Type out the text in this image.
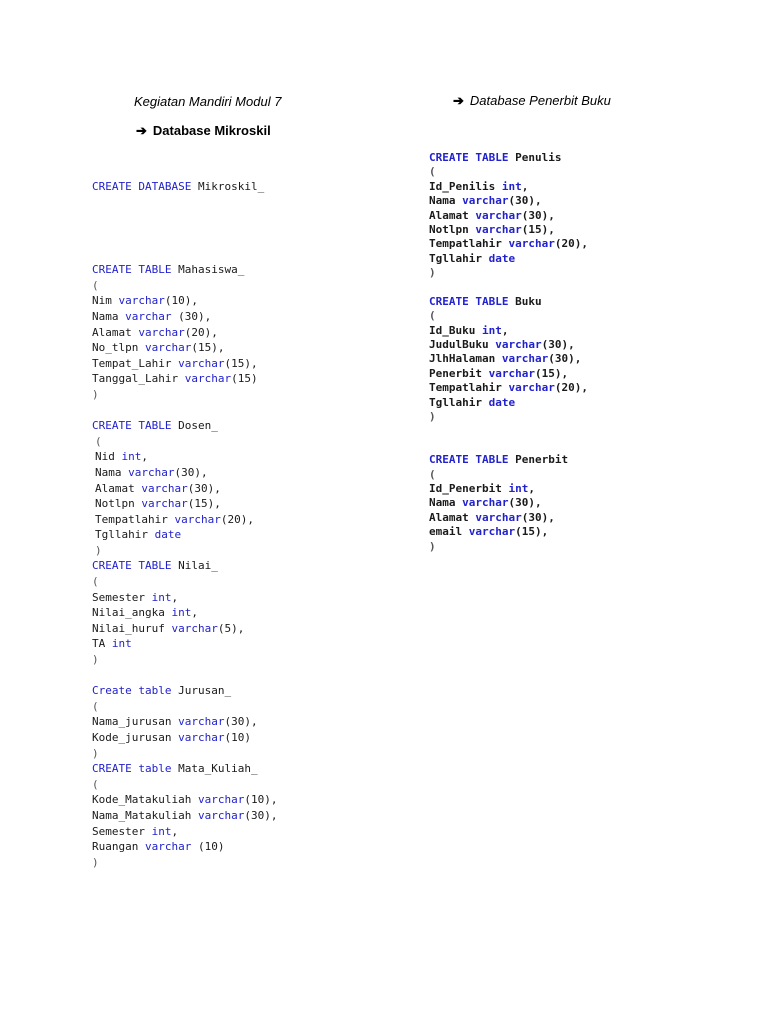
Kegiatan Mandiri Modul 7
➔ Database Mikroskil
➔ Database Penerbit Buku

CREATE DATABASE Mikroskil_

CREATE TABLE Mahasiswa_
(
Nim varchar(10),
Nama varchar (30),
Alamat varchar(20),
No_tlpn varchar(15),
Tempat_Lahir varchar(15),
Tanggal_Lahir varchar(15)
)
CREATE TABLE Dosen_
(
Nid int,
Nama varchar(30),
Alamat varchar(30),
Notlpn varchar(15),
Tempatlahir varchar(20),
Tgllahir date
)
CREATE TABLE Nilai_
(
Semester int,
Nilai_angka int,
Nilai_huruf varchar(5),
TA int
)
Create table Jurusan_
(
Nama_jurusan varchar(30),
Kode_jurusan varchar(10)
)
CREATE table Mata_Kuliah_
(
Kode_Matakuliah varchar(10),
Nama_Matakuliah varchar(30),
Semester int,
Ruangan varchar (10)
)

CREATE TABLE Penulis
(
Id_Penilis int,
Nama varchar(30),
Alamat varchar(30),
Notlpn varchar(15),
Tempatlahir varchar(20),
Tgllahir date
)
CREATE TABLE Buku
(
Id_Buku int,
JudulBuku varchar(30),
JlhHalaman varchar(30),
Penerbit varchar(15),
Tempatlahir varchar(20),
Tgllahir date
)
CREATE TABLE Penerbit
(
Id_Penerbit int,
Nama varchar(30),
Alamat varchar(30),
email varchar(15),
)
